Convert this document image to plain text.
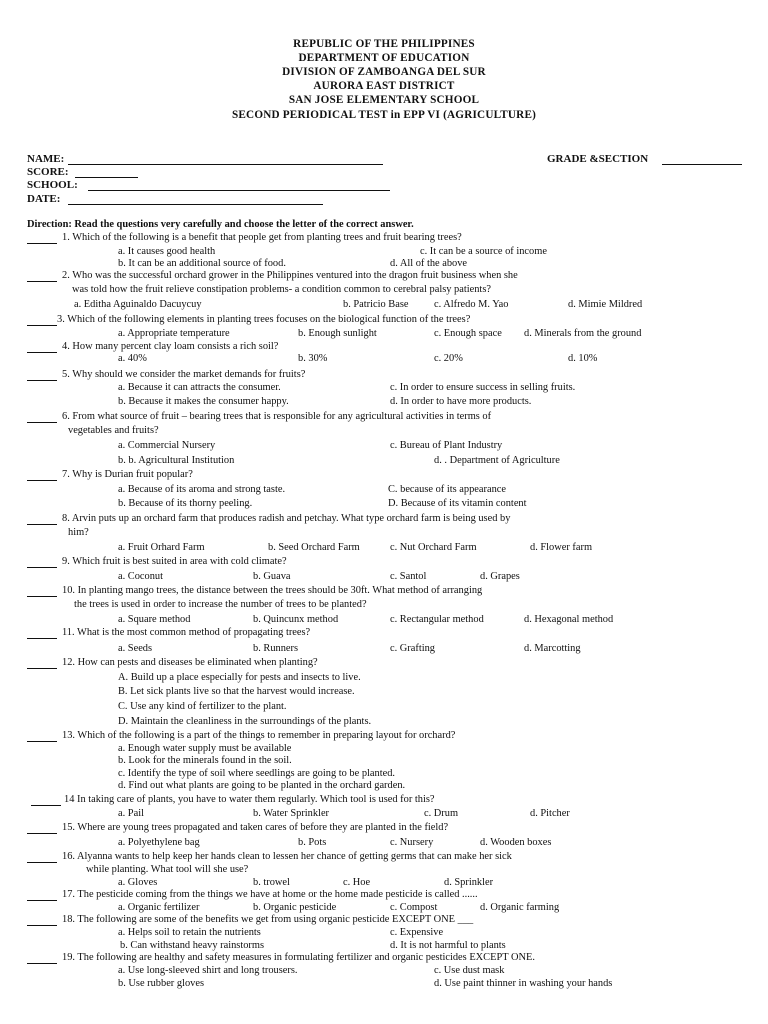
REPUBLIC OF THE PHILIPPINES
DEPARTMENT OF EDUCATION
DIVISION OF ZAMBOANGA DEL SUR
AURORA EAST DISTRICT
SAN JOSE ELEMENTARY SCHOOL
SECOND PERIODICAL TEST in EPP VI (AGRICULTURE)
NAME:	GRADE &SECTION
SCORE:
SCHOOL:
DATE:
Direction: Read the questions very carefully and choose the letter of the correct answer.
1. Which of the following is a benefit that people get from planting trees and fruit bearing trees?
a. It causes good health	c. It can be a source of income
b. It can be an additional source of food.	d. All of the above
2. Who was the successful orchard grower in the Philippines ventured into the dragon fruit business when she
was told how the fruit relieve constipation problems- a condition common to cerebral palsy patients?
a. Editha Aguinaldo Dacuycuy	b. Patricio Base c. Alfredo M. Yao	d. Mimie Mildred
3. Which of the following elements in planting trees focuses on the biological function of the trees?
a. Appropriate temperature	b. Enough sunlight	c. Enough space d. Minerals from the ground
4. How many percent clay loam consists a rich soil?
a. 40%	b. 30%	c. 20%	d. 10%
5. Why should we consider the market demands for fruits?
a. Because it can attracts the consumer.	c. In order to ensure success in selling fruits.
b. Because it makes the consumer happy.	d. In order to have more products.
6. From what source of fruit – bearing trees that is responsible for any agricultural activities in terms of
vegetables and fruits?
a. Commercial Nursery	c. Bureau of Plant Industry
b. b. Agricultural Institution	d. . Department of Agriculture
7. Why is Durian fruit popular?
a. Because of its aroma and strong taste.	C. because of its appearance
b. Because of its thorny peeling.	D. Because of its vitamin content
8. Arvin puts up an orchard farm that produces radish and petchay. What type orchard farm is being used by
him?
a. Fruit Orhard Farm	b. Seed Orchard Farm	c. Nut Orchard Farm	d. Flower farm
9. Which fruit is best suited in area with cold climate?
a. Coconut	b. Guava	c. Santol	d. Grapes
10. In planting mango trees, the distance between the trees should be 30ft. What method of arranging
the trees is used in order to increase the number of trees to be planted?
a. Square method	b. Quincunx method	c. Rectangular method	d. Hexagonal method
11. What is the most common method of propagating trees?
a. Seeds	b. Runners	c. Grafting	d. Marcotting
12. How can pests and diseases be eliminated when planting?
A. Build up a place especially for pests and insects to live.
B. Let sick plants live so that the harvest would increase.
C. Use any kind of fertilizer to the plant.
D. Maintain the cleanliness in the surroundings of the plants.
13. Which of the following is a part of the things to remember in preparing layout for orchard?
a. Enough water supply must be available
b. Look for the minerals found in the soil.
c. Identify the type of soil where seedlings are going to be planted.
d. Find out what plants are going to be planted in the orchard garden.
14 In taking care of plants, you have to water them regularly. Which tool is used for this?
a. Pail	b. Water Sprinkler	c. Drum	d. Pitcher
15. Where are young trees propagated and taken cares of before they are planted in the field?
a. Polyethylene bag	b. Pots	c. Nursery	d. Wooden boxes
16. Alyanna wants to help keep her hands clean to lessen her chance of getting germs that can make her sick
while planting. What tool will she use?
a. Gloves	b. trowel	c. Hoe	d. Sprinkler
17. The pesticide coming from the things we have at home or the home made pesticide is called ......
a. Organic fertilizer	b. Organic pesticide	c. Compost	d. Organic farming
18. The following are some of the benefits we get from using organic pesticide EXCEPT ONE ___
a. Helps soil to retain the nutrients	c. Expensive
b. Can withstand heavy rainstorms	d. It is not harmful to plants
19. The following are healthy and safety measures in formulating fertilizer and organic pesticides EXCEPT ONE.
a. Use long-sleeved shirt and long trousers.	c. Use dust mask
b. Use rubber gloves	d. Use paint thinner in washing your hands
